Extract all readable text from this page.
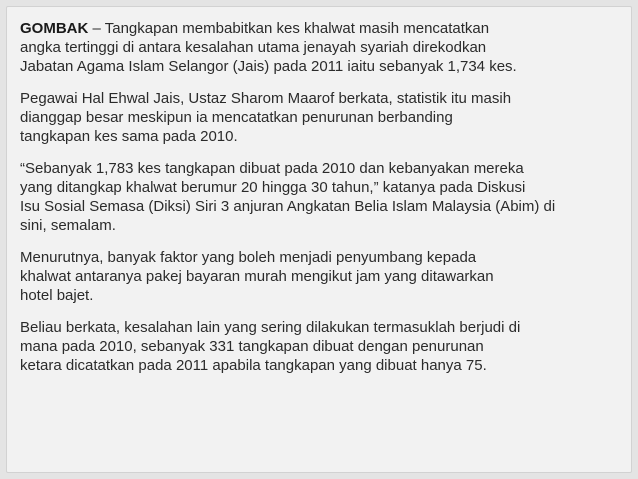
GOMBAK – Tangkapan membabitkan kes khalwat masih mencatatkan
angka tertinggi di antara kesalahan utama jenayah syariah direkodkan
Jabatan Agama Islam Selangor (Jais) pada 2011 iaitu sebanyak 1,734 kes.

Pegawai Hal Ehwal Jais, Ustaz Sharom Maarof berkata, statistik itu masih
dianggap besar meskipun ia mencatatkan penurunan berbanding
tangkapan kes sama pada 2010.

“Sebanyak 1,783 kes tangkapan dibuat pada 2010 dan kebanyakan mereka
yang ditangkap khalwat berumur 20 hingga 30 tahun,” katanya pada Diskusi
Isu Sosial Semasa (Diksi) Siri 3 anjuran Angkatan Belia Islam Malaysia (Abim) di
sini, semalam.

Menurutnya, banyak faktor yang boleh menjadi penyumbang kepada
khalwat antaranya pakej bayaran murah mengikut jam yang ditawarkan
hotel bajet.

Beliau berkata, kesalahan lain yang sering dilakukan termasuklah berjudi di
mana pada 2010, sebanyak 331 tangkapan dibuat dengan penurunan
ketara dicatatkan pada 2011 apabila tangkapan yang dibuat hanya 75.
